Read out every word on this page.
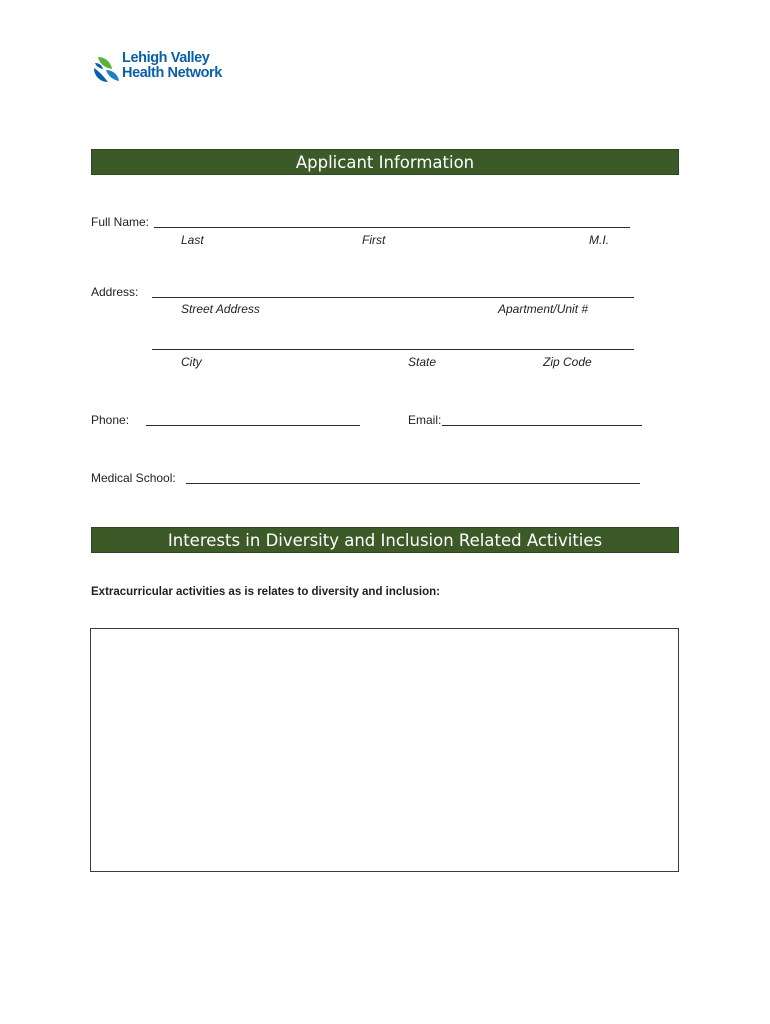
Lehigh Valley
Health Network
Applicant Information
Full Name:
Last	First	M.I.
Address:
Street Address	Apartment/Unit #
City	State	Zip Code
Phone:	Email:
Medical School:
Interests in Diversity and Inclusion Related Activities
Extracurricular activities as is relates to diversity and inclusion:
